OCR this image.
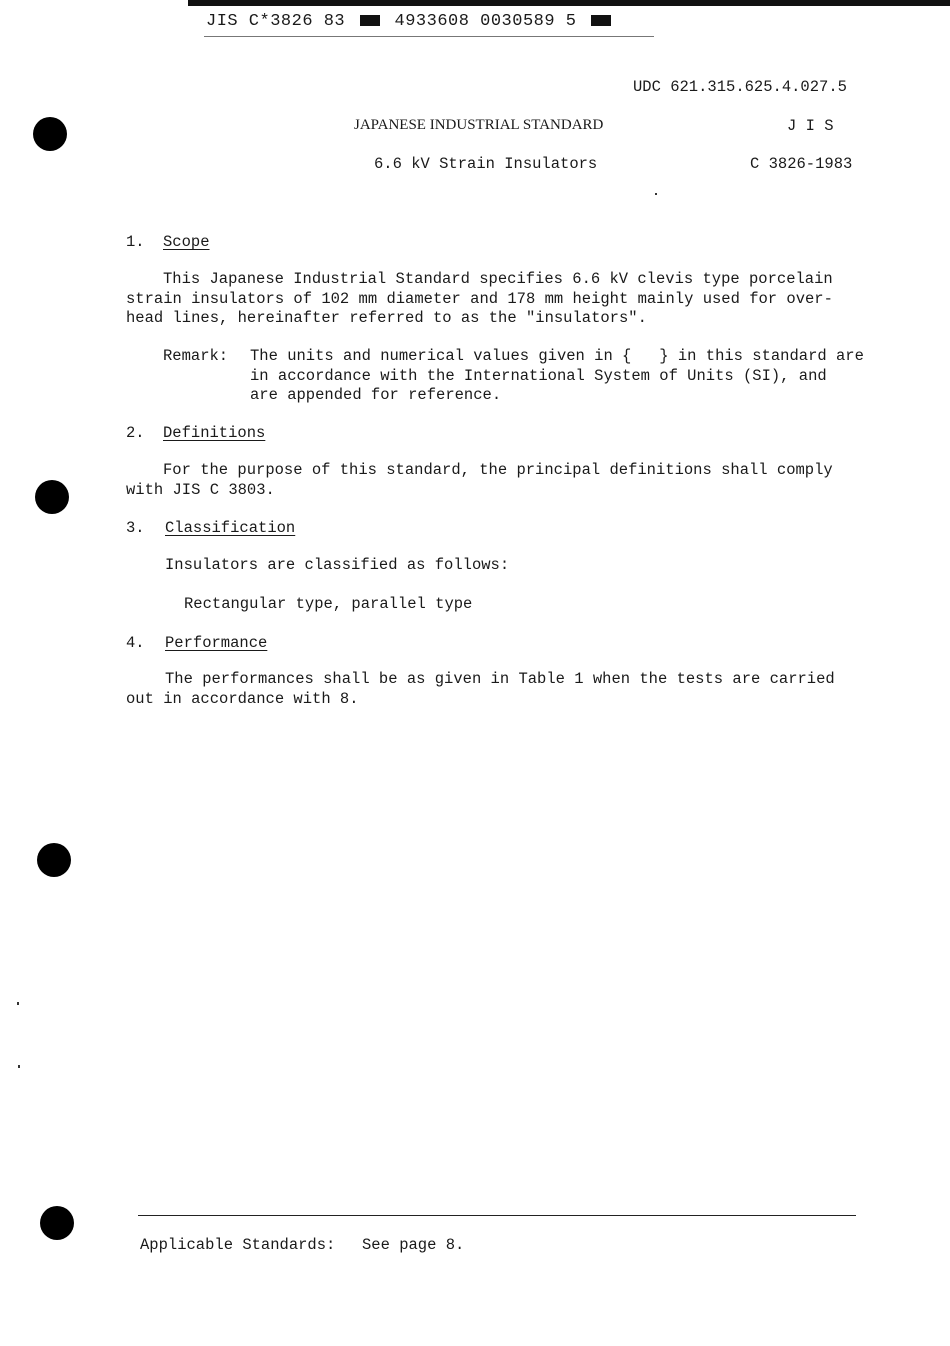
JIS C*3826 83	4933608 0030589 5
UDC 621.315.625.4.027.5
JAPANESE INDUSTRIAL STANDARD	J I S
6.6 kV Strain Insulators	C 3826-1983
1. Scope
This Japanese Industrial Standard specifies 6.6 kV clevis type porcelain
strain insulators of 102 mm diameter and 178 mm height mainly used for over-
head lines, hereinafter referred to as the "insulators".
Remark: The units and numerical values given in {   } in this standard are
in accordance with the International System of Units (SI), and
are appended for reference.
2. Definitions
For the purpose of this standard, the principal definitions shall comply
with JIS C 3803.
3. Classification
Insulators are classified as follows:
Rectangular type, parallel type
4. Performance
The performances shall be as given in Table 1 when the tests are carried
out in accordance with 8.
Applicable Standards: See page 8.
